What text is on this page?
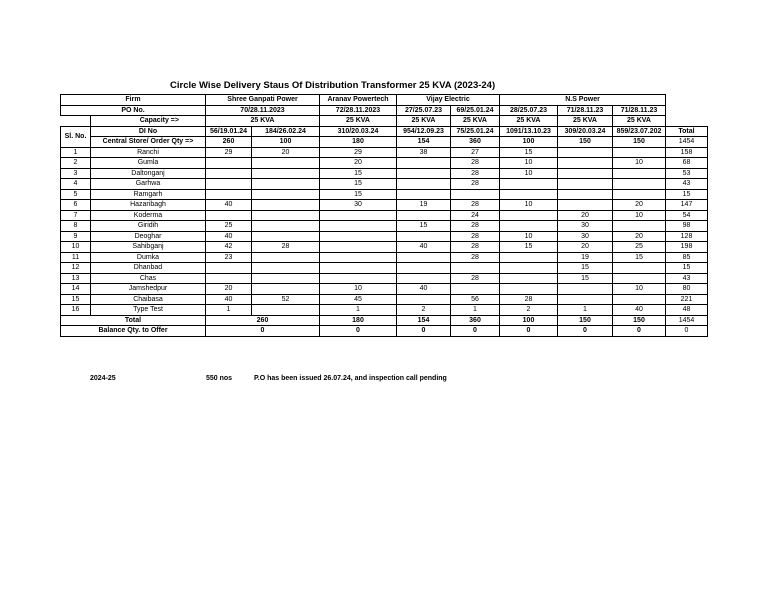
Circle Wise Delivery Staus Of Distribution Transformer 25 KVA (2023-24)
Firm		Shree Ganpati Power		Aranav Powertech	Vijay Electric		N.S Power			
PO No.		70/28.11.2023		72/28.11.2023	27/25.07.23	69/25.01.24	28/25.07.23	71/28.11.23	71/28.11.23	
	Capacity =>	25 KVA		25 KVA	25 KVA	25 KVA	25 KVA	25 KVA	25 KVA	
Sl. No.	DI No	56/19.01.24	184/26.02.24	310/20.03.24	954/12.09.23	75/25.01.24	1091/13.10.23	309/20.03.24	859/23.07.202	Total
	Central Store/ Order Qty =>	260	100	180	154	360	100	150	150	1454
1	Ranchi	29	20	29	38	27	15			158
2	Gumla			20		28	10		10	68
3	Daltonganj			15		28	10			53
4	Garhwa			15		28				43
5	Ramgarh			15						15
6	Hazaribagh	40		30	19	28	10		20	147
7	Koderma					24		20	10	54
8	Giridih	25			15	28		30		98
9	Deoghar	40				28	10	30	20	128
10	Sahibganj	42	28		40	28	15	20	25	198
11	Dumka	23				28		19	15	85
12	Dhanbad							15		15
13	Chas					28		15		43
14	Jamshedpur	20		10	40				10	80
15	Chaibasa	40	52	45		56	28			221
16	Type Test	1		1	2	1	2	1	40	48
Total		260		180	154	360	100	150	150	1454
Balance Qty. to Offer		0		0	0	0	0	0	0	0
2024-25	550 nos	P.O has been issued 26.07.24, and inspection call pending
